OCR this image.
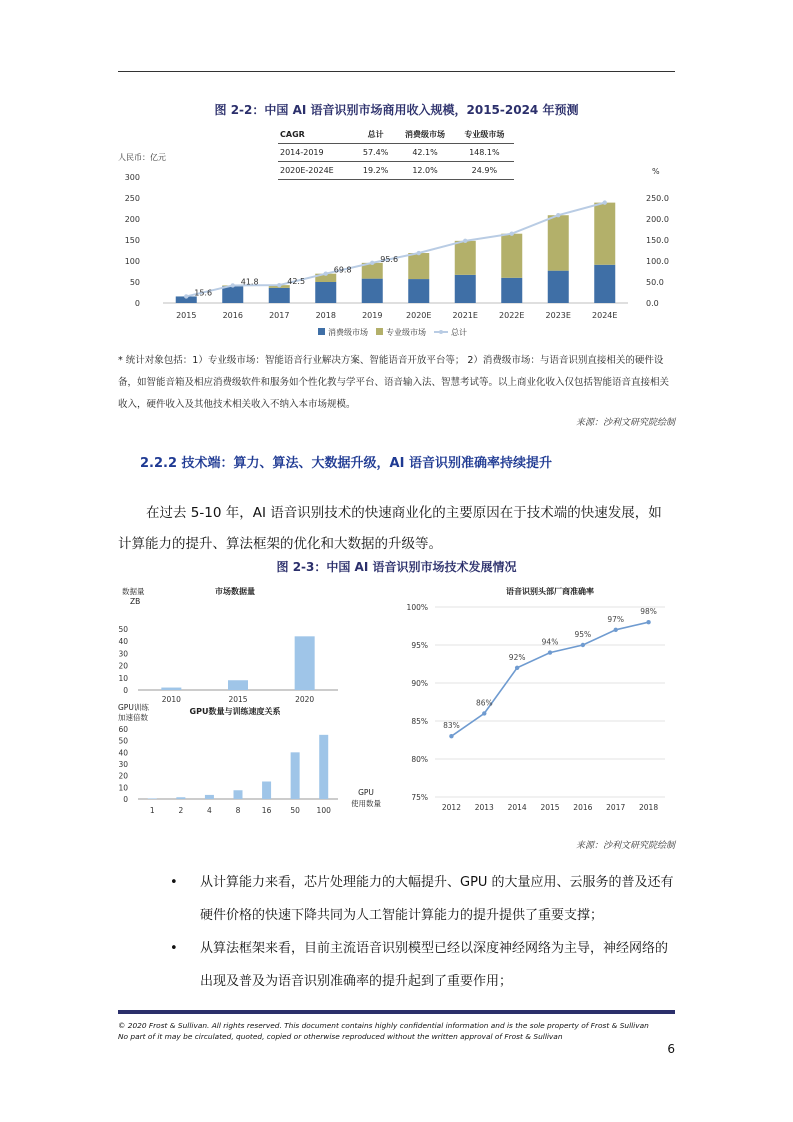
图 2-2：中国 AI 语音识别市场商用收入规模，2015-2024 年预测
CAGR	总计	消费级市场	专业级市场
2014-2019	57.4%	42.1%	148.1%
2020E-2024E	19.2%	12.0%	24.9%
人民币：亿元
%
0
50
100
150
200
250
300
0.0
50.0
100.0
150.0
200.0
250.0
15.6
41.8	42.5
69.8
95.6
2015	2016	2017	2018	2019	2020E	2021E	2022E	2023E	2024E
消费级市场 专业级市场	总计
* 统计对象包括：1）专业级市场：智能语音行业解决方案、智能语音开放平台等； 2）消费级市场：与语音识别直接相关的硬件设备，如智能音箱及相应消费级软件和服务如个性化教与学平台、语音输入法、智慧考试等。以上商业化收入仅包括智能语音直接相关收入，硬件收入及其他技术相关收入不纳入本市场规模。
来源：沙利文研究院绘制
2.2.2 技术端：算力、算法、大数据升级，AI 语音识别准确率持续提升
在过去 5-10 年，AI 语音识别技术的快速商业化的主要原因在于技术端的快速发展，如计算能力的提升、算法框架的优化和大数据的升级等。
图 2-3：中国 AI 语音识别市场技术发展情况
数据量
ZB
市场数据量
0
10
20
30
40
50
2010	2015	2020
GPU训练
加速倍数
GPU数量与训练速度关系
0
10
20
30
40
50
60
1	2	4	8	16	50 100
GPU
使用数量
语音识别头部厂商准确率
75%
80%
85%
90%
95%
100%
83%
2012
86%
2013
92%
2014
94%
2015
95%
2016
97%
2017
98%
2018
来源：沙利文研究院绘制
• 从计算能力来看，芯片处理能力的大幅提升、GPU 的大量应用、云服务的普及还有硬件价格的快速下降共同为人工智能计算能力的提升提供了重要支撑；
• 从算法框架来看，目前主流语音识别模型已经以深度神经网络为主导，神经网络的出现及普及为语音识别准确率的提升起到了重要作用；
© 2020 Frost & Sullivan. All rights reserved. This document contains highly confidential information and is the sole property of Frost & Sullivan
No part of it may be circulated, quoted, copied or otherwise reproduced without the written approval of Frost & Sullivan
6
